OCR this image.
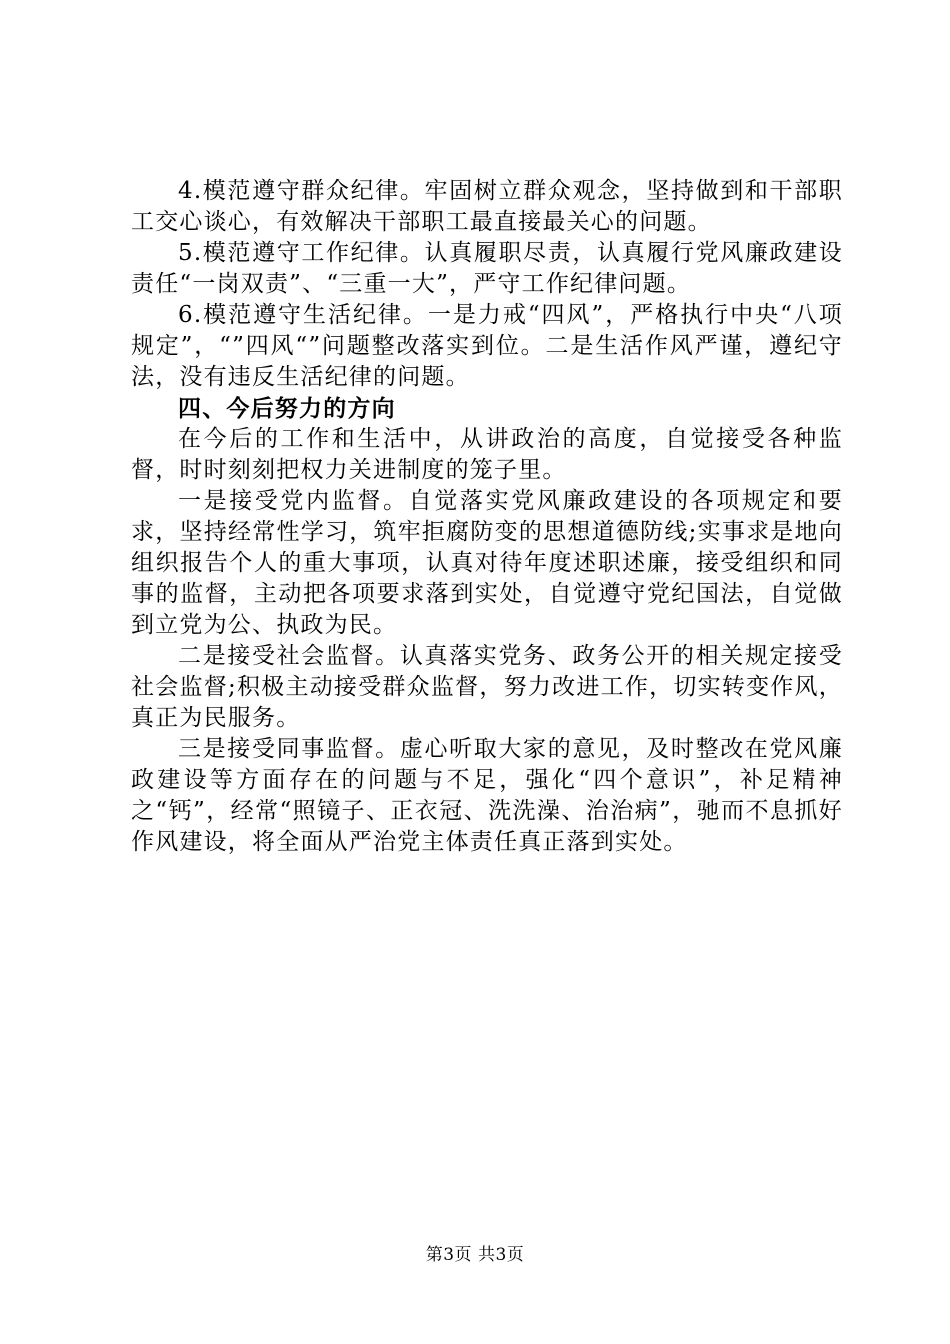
4.模范遵守群众纪律。牢固树立群众观念，坚持做到和干部职工交心谈心，有效解决干部职工最直接最关心的问题。

5.模范遵守工作纪律。认真履职尽责，认真履行党风廉政建设责任“一岗双责”、“三重一大”，严守工作纪律问题。

6.模范遵守生活纪律。一是力戒“四风”，严格执行中央“八项规定”，“”四风“”问题整改落实到位。二是生活作风严谨，遵纪守法，没有违反生活纪律的问题。

四、今后努力的方向

在今后的工作和生活中，从讲政治的高度，自觉接受各种监督，时时刻刻把权力关进制度的笼子里。

一是接受党内监督。自觉落实党风廉政建设的各项规定和要求，坚持经常性学习，筑牢拒腐防变的思想道德防线;实事求是地向组织报告个人的重大事项，认真对待年度述职述廉，接受组织和同事的监督，主动把各项要求落到实处，自觉遵守党纪国法，自觉做到立党为公、执政为民。

二是接受社会监督。认真落实党务、政务公开的相关规定接受社会监督;积极主动接受群众监督，努力改进工作，切实转变作风，真正为民服务。

三是接受同事监督。虚心听取大家的意见，及时整改在党风廉政建设等方面存在的问题与不足，强化“四个意识”，补足精神之“钙”，经常“照镜子、正衣冠、洗洗澡、治治病”，驰而不息抓好作风建设，将全面从严治党主体责任真正落到实处。

第3页 共3页
